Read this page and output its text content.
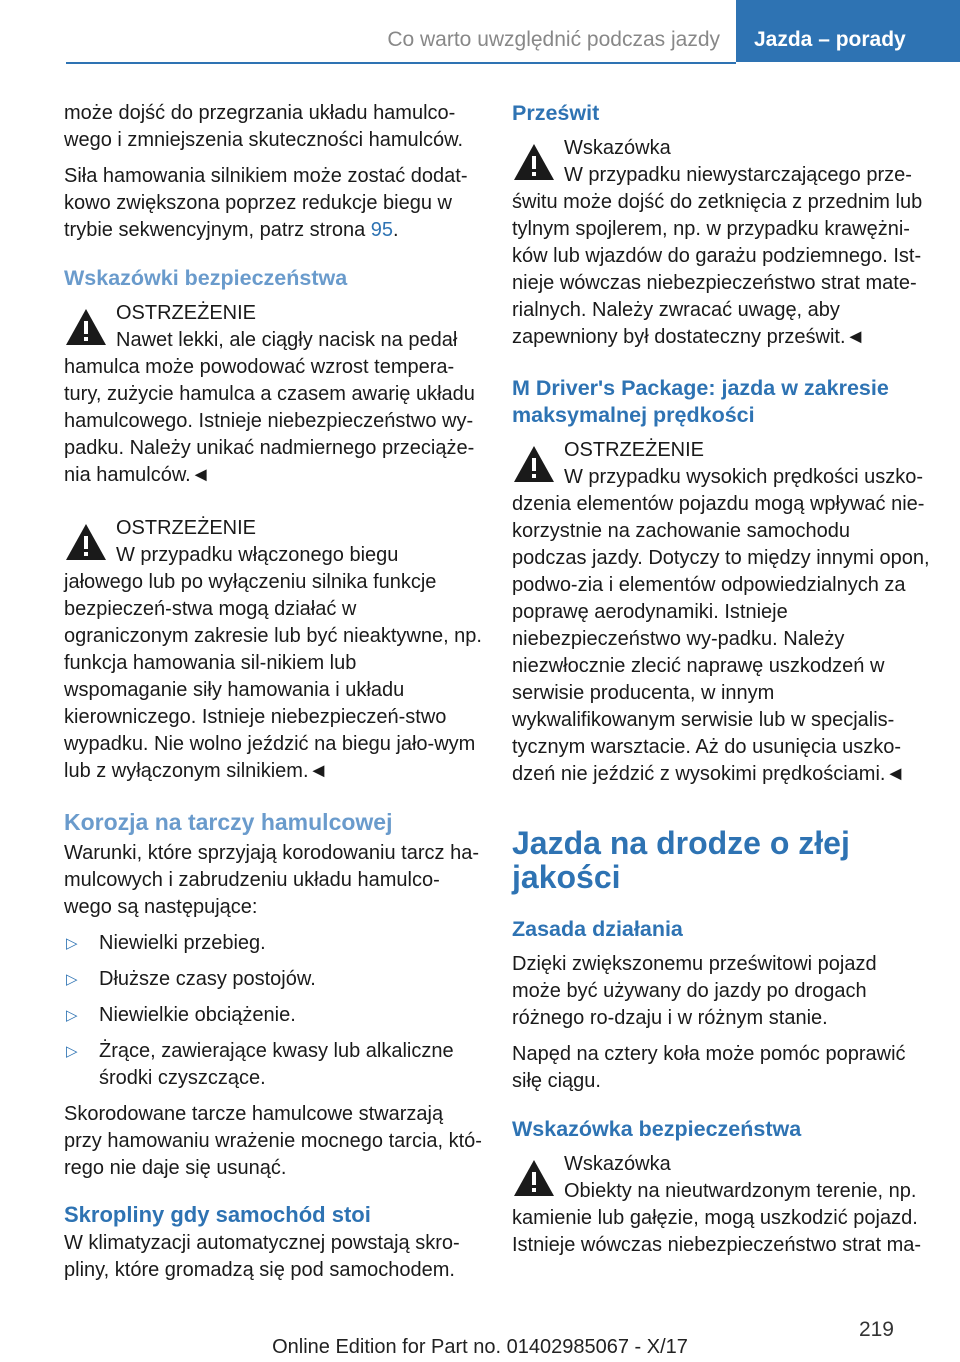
Co warto uwzględnić podczas jazdy Jazda – porady

może dojść do przegrzania układu hamulco-wego i zmniejszenia skuteczności hamulców.

Siła hamowania silnikiem może zostać dodat-kowo zwiększona poprzez redukcje biegu w trybie sekwencyjnym, patrz strona 95.

Wskazówki bezpieczeństwa
OSTRZEŻENIE
Nawet lekki, ale ciągły nacisk na pedał hamulca może powodować wzrost tempera-tury, zużycie hamulca a czasem awarię układu hamulcowego. Istnieje niebezpieczeństwo wy-padku. Należy unikać nadmiernego przeciąże-nia hamulców.◄
OSTRZEŻENIE
W przypadku włączonego biegu jałowego lub po wyłączeniu silnika funkcje bezpieczeń-stwa mogą działać w ograniczonym zakresie lub być nieaktywne, np. funkcja hamowania sil-nikiem lub wspomaganie siły hamowania i układu kierowniczego. Istnieje niebezpieczeń-stwo wypadku. Nie wolno jeździć na biegu jało-wym lub z wyłączonym silnikiem.◄
Korozja na tarczy hamulcowej

Warunki, które sprzyjają korodowaniu tarcz ha-mulcowych i zabrudzeniu układu hamulco-wego są następujące:

▷ Niewielki przebieg.
▷ Dłuższe czasy postojów.
▷ Niewielkie obciążenie.
▷ Żrące, zawierające kwasy lub alkaliczne środki czyszczące.

Skorodowane tarcze hamulcowe stwarzają przy hamowaniu wrażenie mocnego tarcia, któ-rego nie daje się usunąć.

Skropliny gdy samochód stoi

W klimatyzacji automatycznej powstają skro-pliny, które gromadzą się pod samochodem.

Prześwit
Wskazówka
W przypadku niewystarczającego prze-świtu może dojść do zetknięcia z przednim lub tylnym spojlerem, np. w przypadku krawężni-ków lub wjazdów do garażu podziemnego. Ist-nieje wówczas niebezpieczeństwo strat mate-rialnych. Należy zwracać uwagę, aby zapewniony był dostateczny prześwit.◄
M Driver's Package: jazda w zakresie maksymalnej prędkości
OSTRZEŻENIE
W przypadku wysokich prędkości uszko-dzenia elementów pojazdu mogą wpływać nie-korzystnie na zachowanie samochodu podczas jazdy. Dotyczy to między innymi opon, podwo-zia i elementów odpowiedzialnych za poprawę aerodynamiki. Istnieje niebezpieczeństwo wy-padku. Należy niezwłocznie zlecić naprawę uszkodzeń w serwisie producenta, w innym wykwalifikowanym serwisie lub w specjalis-tycznym warsztacie. Aż do usunięcia uszko-dzeń nie jeździć z wysokimi prędkościami.◄
Jazda na drodze o złej jakości
Zasada działania

Dzięki zwiększonemu prześwitowi pojazd może być używany do jazdy po drogach różnego ro-dzaju i w różnym stanie.

Napęd na cztery koła może pomóc poprawić siłę ciągu.

Wskazówka bezpieczeństwa
Wskazówka
Obiekty na nieutwardzonym terenie, np. kamienie lub gałęzie, mogą uszkodzić pojazd. Istnieje wówczas niebezpieczeństwo strat ma-
219
Online Edition for Part no. 01402985067 - X/17
